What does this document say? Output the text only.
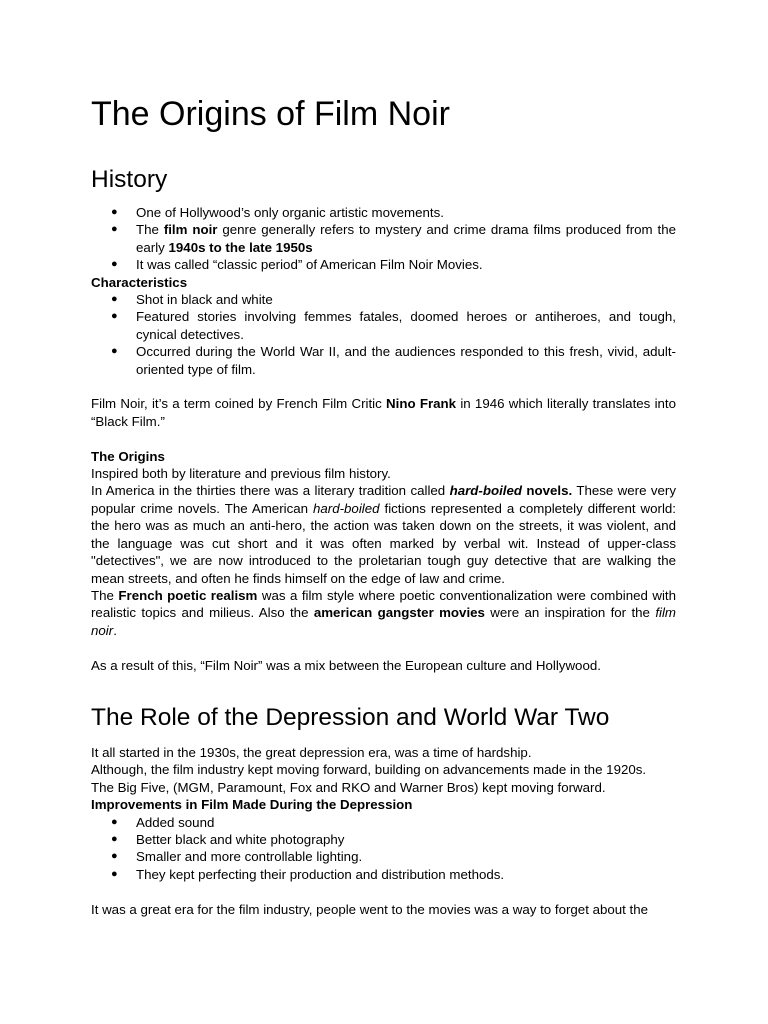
The Origins of Film Noir
History
● One of Hollywood’s only organic artistic movements.
● The film noir genre generally refers to mystery and crime drama films produced from the early 1940s to the late 1950s
● It was called “classic period” of American Film Noir Movies.

Characteristics

● Shot in black and white
● Featured stories involving femmes fatales, doomed heroes or antiheroes, and tough, cynical detectives.
● Occurred during the World War II, and the audiences responded to this fresh, vivid, adult-oriented type of film.

Film Noir, it’s a term coined by French Film Critic Nino Frank in 1946 which literally translates into “Black Film.”

The Origins

Inspired both by literature and previous film history.

In America in the thirties there was a literary tradition called hard-boiled novels. These were very popular crime novels. The American hard-boiled fictions represented a completely different world: the hero was as much an anti-hero, the action was taken down on the streets, it was violent, and the language was cut short and it was often marked by verbal wit. Instead of upper-class "detectives", we are now introduced to the proletarian tough guy detective that are walking the mean streets, and often he finds himself on the edge of law and crime.

The French poetic realism was a film style where poetic conventionalization were combined with realistic topics and milieus. Also the american gangster movies were an inspiration for the film noir.

As a result of this, “Film Noir” was a mix between the European culture and Hollywood.

The Role of the Depression and World War Two

It all started in the 1930s, the great depression era, was a time of hardship.

Although, the film industry kept moving forward, building on advancements made in the 1920s.

The Big Five, (MGM, Paramount, Fox and RKO and Warner Bros) kept moving forward.

Improvements in Film Made During the Depression

● Added sound
● Better black and white photography
● Smaller and more controllable lighting.
● They kept perfecting their production and distribution methods.

It was a great era for the film industry, people went to the movies was a way to forget about the
